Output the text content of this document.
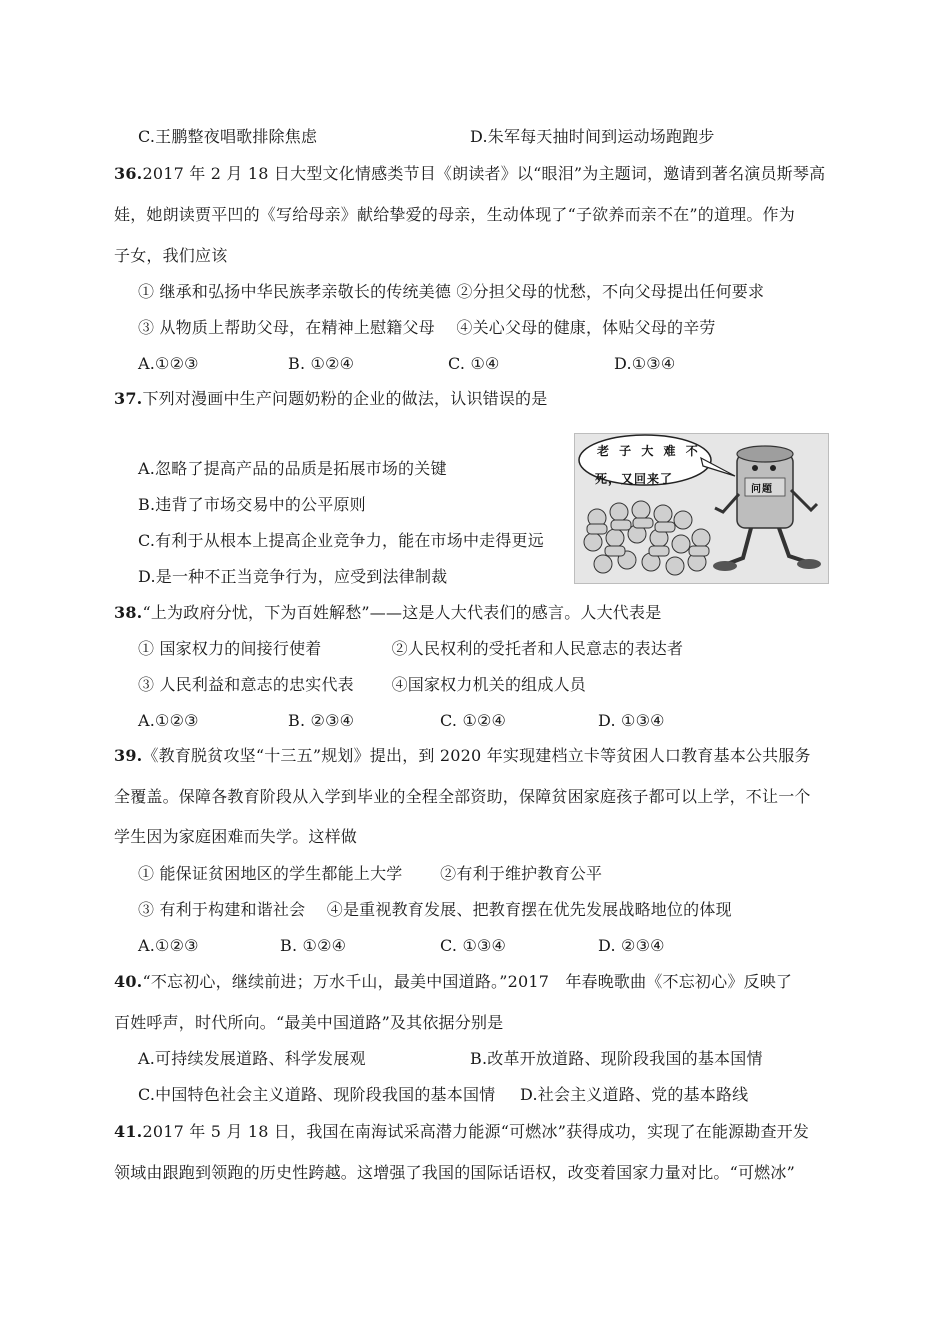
C.王鹏整夜唱歌排除焦虑	D.朱军每天抽时间到运动场跑跑步
36.2017 年 2 月 18 日大型文化情感类节目《朗读者》以“眼泪”为主题词，邀请到著名演员斯琴高
娃，她朗读贾平凹的《写给母亲》献给挚爱的母亲，生动体现了“子欲养而亲不在”的道理。作为
子女，我们应该
① 继承和弘扬中华民族孝亲敬长的传统美德 ②分担父母的忧愁，不向父母提出任何要求
③ 从物质上帮助父母，在精神上慰籍父母　 ④关心父母的健康，体贴父母的辛劳
A.①②③	B. ①②④	C. ①④	D.①③④
37.下列对漫画中生产问题奶粉的企业的做法，认识错误的是
A.忽略了提高产品的品质是拓展市场的关键
B.违背了市场交易中的公平原则
C.有利于从根本上提高企业竞争力，能在市场中走得更远
D.是一种不正当竞争行为，应受到法律制裁
老 子 大 难 不
死，又回来了
问题
38.“上为政府分忧，下为百姓解愁”——这是人大代表们的感言。人大代表是
① 国家权力的间接行使着　　　　 ②人民权利的受托者和人民意志的表达者
③ 人民利益和意志的忠实代表　　 ④国家权力机关的组成人员
A.①②③	B. ②③④	C. ①②④	D. ①③④
39.《教育脱贫攻坚“十三五”规划》提出，到 2020 年实现建档立卡等贫困人口教育基本公共服务
全覆盖。保障各教育阶段从入学到毕业的全程全部资助，保障贫困家庭孩子都可以上学，不让一个
学生因为家庭困难而失学。这样做
① 能保证贫困地区的学生都能上大学　　 ②有利于维护教育公平
③ 有利于构建和谐社会　 ④是重视教育发展、把教育摆在优先发展战略地位的体现
A.①②③	B. ①②④	C. ①③④	D. ②③④
40.“不忘初心，继续前进；万水千山，最美中国道路。”2017　年春晚歌曲《不忘初心》反映了
百姓呼声，时代所向。“最美中国道路”及其依据分别是
A.可持续发展道路、科学发展观	B.改革开放道路、现阶段我国的基本国情
C.中国特色社会主义道路、现阶段我国的基本国情 D.社会主义道路、党的基本路线
41.2017 年 5 月 18 日，我国在南海试采高潜力能源“可燃冰”获得成功，实现了在能源勘查开发
领域由跟跑到领跑的历史性跨越。这增强了我国的国际话语权，改变着国家力量对比。“可燃冰”
